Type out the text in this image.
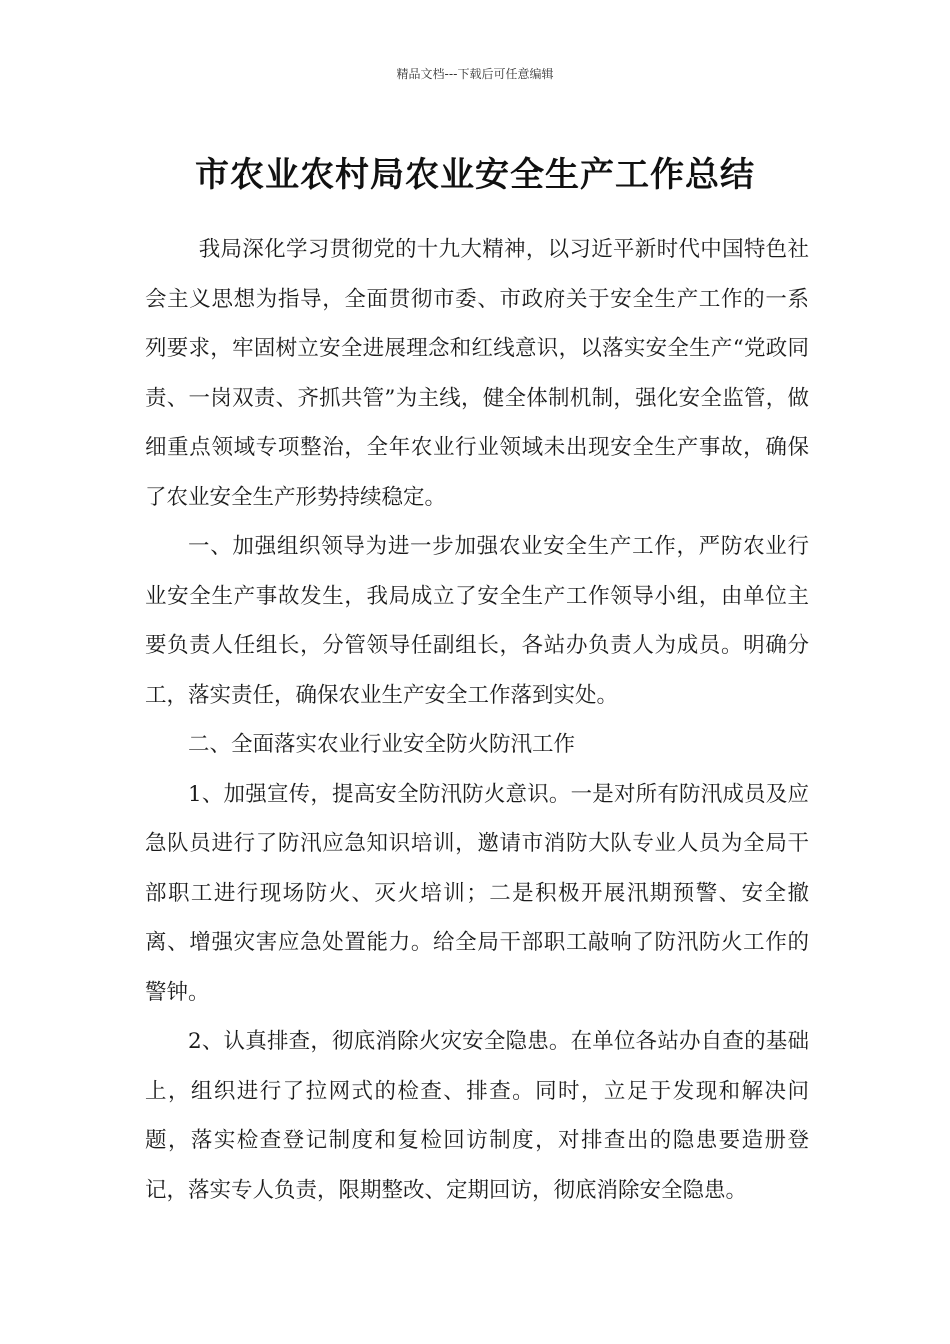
精品文档---下载后可任意编辑
市农业农村局农业安全生产工作总结

我局深化学习贯彻党的十九大精神，以习近平新时代中国特色社会主义思想为指导，全面贯彻市委、市政府关于安全生产工作的一系列要求，牢固树立安全进展理念和红线意识，以落实安全生产“党政同责、一岗双责、齐抓共管”为主线，健全体制机制，强化安全监管，做细重点领域专项整治，全年农业行业领域未出现安全生产事故，确保了农业安全生产形势持续稳定。

一、加强组织领导为进一步加强农业安全生产工作，严防农业行业安全生产事故发生，我局成立了安全生产工作领导小组，由单位主要负责人任组长，分管领导任副组长，各站办负责人为成员。明确分工，落实责任，确保农业生产安全工作落到实处。

二、全面落实农业行业安全防火防汛工作

1、加强宣传，提高安全防汛防火意识。一是对所有防汛成员及应急队员进行了防汛应急知识培训，邀请市消防大队专业人员为全局干部职工进行现场防火、灭火培训；二是积极开展汛期预警、安全撤离、增强灾害应急处置能力。给全局干部职工敲响了防汛防火工作的警钟。

2、认真排查，彻底消除火灾安全隐患。在单位各站办自查的基础上，组织进行了拉网式的检查、排查。同时，立足于发现和解决问题，落实检查登记制度和复检回访制度，对排查出的隐患要造册登记，落实专人负责，限期整改、定期回访，彻底消除安全隐患。
